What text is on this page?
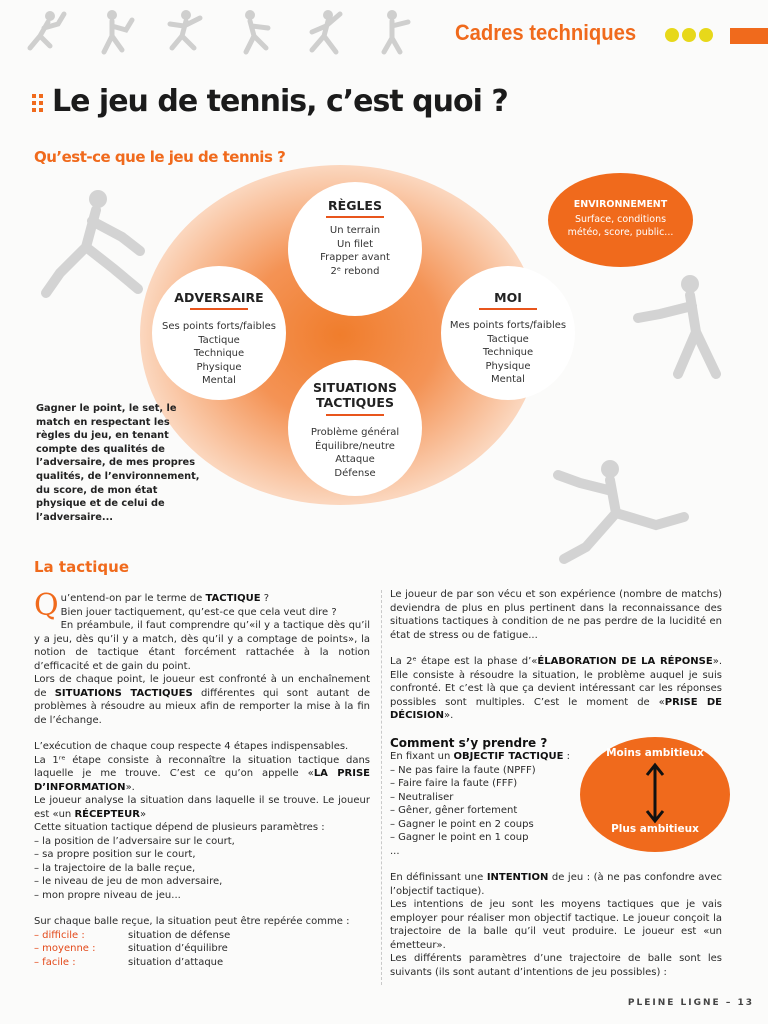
Cadres techniques
Le jeu de tennis, c’est quoi ?
Qu’est-ce que le jeu de tennis ?
RÈGLES
Un terrain
Un filet
Frapper avant
2ᵉ rebond
ADVERSAIRE
Ses points forts/faibles
Tactique
Technique
Physique
Mental
MOI
Mes points forts/faibles
Tactique
Technique
Physique
Mental
SITUATIONS
TACTIQUES
Problème général
Équilibre/neutre
Attaque
Défense
ENVIRONNEMENT
Surface, conditions météo, score, public...
Gagner le point, le set, le match en respectant les règles du jeu, en tenant compte des qualités de l’adversaire, de mes propres qualités, de l’environnement, du score, de mon état physique et de celui de l’adversaire...
La tactique

Qu’entend-on par le terme de TACTIQUE ?
Bien jouer tactiquement, qu’est-ce que cela veut dire ?

En préambule, il faut comprendre qu’«il y a tactique dès qu’il y a jeu, dès qu’il y a match, dès qu’il y a comptage de points», la notion de tactique étant forcément rattachée à la notion d’efficacité et de gain du point.

Lors de chaque point, le joueur est confronté à un enchaînement de SITUATIONS TACTIQUES différentes qui sont autant de problèmes à résoudre au mieux afin de remporter la mise à la fin de l’échange.

L’exécution de chaque coup respecte 4 étapes indispensables.

La 1ʳᵉ étape consiste à reconnaître la situation tactique dans laquelle je me trouve. C’est ce qu’on appelle «LA PRISE D’INFORMATION».

Le joueur analyse la situation dans laquelle il se trouve. Le joueur est «un RÉCEPTEUR»

Cette situation tactique dépend de plusieurs paramètres :

– la position de l’adversaire sur le court,

– sa propre position sur le court,

– la trajectoire de la balle reçue,

– le niveau de jeu de mon adversaire,

– mon propre niveau de jeu...

Sur chaque balle reçue, la situation peut être repérée comme :

– difficile :	situation de défense

– moyenne :	situation d’équilibre

– facile :	situation d’attaque

Le joueur de par son vécu et son expérience (nombre de matchs) deviendra de plus en plus pertinent dans la reconnaissance des situations tactiques à condition de ne pas perdre de la lucidité en état de stress ou de fatigue...

La 2ᵉ étape est la phase d’«ÉLABORATION DE LA RÉPONSE». Elle consiste à résoudre la situation, le problème auquel je suis confronté. Et c’est là que ça devient intéressant car les réponses possibles sont multiples. C’est le moment de «PRISE DE DÉCISION».

Comment s’y prendre ?

En fixant un OBJECTIF TACTIQUE :

– Ne pas faire la faute (NPFF)

– Faire faire la faute (FFF)

– Neutraliser

– Gêner, gêner fortement

– Gagner le point en 2 coups

– Gagner le point en 1 coup

...

En définissant une INTENTION de jeu : (à ne pas confondre avec l’objectif tactique).

Les intentions de jeu sont les moyens tactiques que je vais employer pour réaliser mon objectif tactique. Le joueur conçoit la trajectoire de la balle qu’il veut produire. Le joueur est «un émetteur».

Les différents paramètres d’une trajectoire de balle sont les suivants (ils sont autant d’intentions de jeu possibles) :

Moins ambitieux
Plus ambitieux
PLEINE LIGNE – 13
